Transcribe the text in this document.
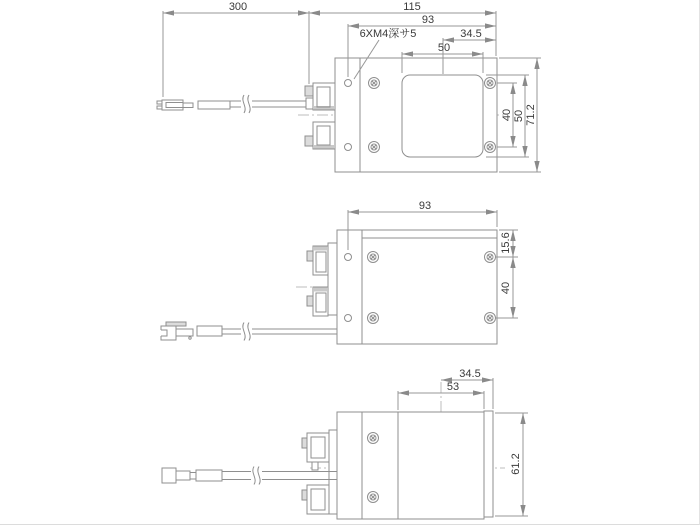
300	115
93
6XM4深サ5	34.5
50
40 50 71.2
93
15.6
40
34.5
53
61.2
